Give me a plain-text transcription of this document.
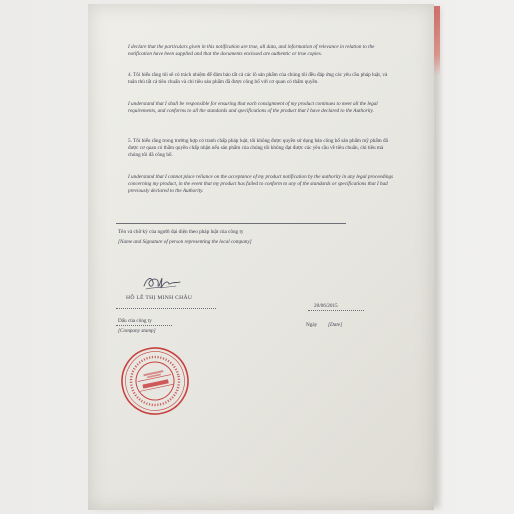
I declare that the particulars given in this notification are true, all data, and information of relevance in relation to the notification have been supplied and that the documents enclosed are authentic or true copies.
4. Tôi hiểu rằng tôi sẽ có trách nhiệm để đảm bảo tất cả các lô sản phẩm của chúng tôi đều đáp ứng các yêu cầu pháp luật, và tuân thủ tất cả tiêu chuẩn và chỉ tiêu sản phẩm đã được công bố với cơ quan có thẩm quyền.
I understand that I shall be responsible for ensuring that each consignment of my product continues to meet all the legal requirements, and conforms to all the standards and specifications of the product that I have declared to the Authority.
5. Tôi hiểu rằng trong trường hợp có tranh chấp pháp luật, tôi không được quyền sử dụng bản công bố sản phẩm mỹ phẩm đã được cơ quan có thẩm quyền chấp nhận nếu sản phẩm của chúng tôi không đạt được các yêu cầu về tiêu chuẩn, chỉ tiêu mà chúng tôi đã công bố.
I understand that I cannot place reliance on the acceptance of my product notification by the authority in any legal proceedings concerning my product, in the event that my product has failed to conform to any of the standards or specifications that I had previously declared to the Authority.
Tên và chữ ký của người đại diện theo pháp luật của công ty
[Name and Signature of person representing the local company]
HỒ LÊ THỊ MINH CHÂU
20/06/2015
Dấu của công ty
[Company stamp]
Ngày [Date]
